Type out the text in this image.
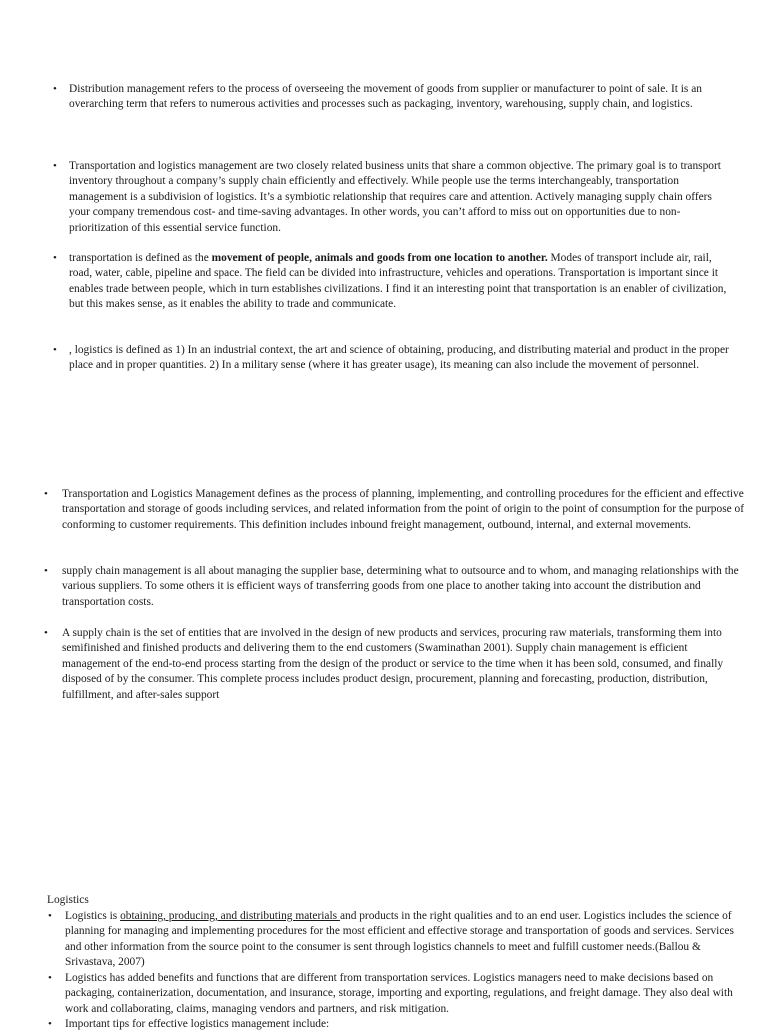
• Distribution management refers to the process of overseeing the movement of goods from supplier or manufacturer to point of sale. It is an overarching term that refers to numerous activities and processes such as packaging, inventory, warehousing, supply chain, and logistics.
• Transportation and logistics management are two closely related business units that share a common objective. The primary goal is to transport inventory throughout a company’s supply chain efficiently and effectively. While people use the terms interchangeably, transportation management is a subdivision of logistics. It’s a symbiotic relationship that requires care and attention. Actively managing supply chain offers your company tremendous cost- and time-saving advantages. In other words, you can’t afford to miss out on opportunities due to non-prioritization of this essential service function.
• transportation is defined as the movement of people, animals and goods from one location to another. Modes of transport include air, rail, road, water, cable, pipeline and space. The field can be divided into infrastructure, vehicles and operations. Transportation is important since it enables trade between people, which in turn establishes civilizations. I find it an interesting point that transportation is an enabler of civilization, but this makes sense, as it enables the ability to trade and communicate.
• , logistics is defined as 1) In an industrial context, the art and science of obtaining, producing, and distributing material and product in the proper place and in proper quantities. 2) In a military sense (where it has greater usage), its meaning can also include the movement of personnel.
• Transportation and Logistics Management defines as the process of planning, implementing, and controlling procedures for the efficient and effective transportation and storage of goods including services, and related information from the point of origin to the point of consumption for the purpose of conforming to customer requirements. This definition includes inbound freight management, outbound, internal, and external movements.
• supply chain management is all about managing the supplier base, determining what to outsource and to whom, and managing relationships with the various suppliers. To some others it is efficient ways of transferring goods from one place to another taking into account the distribution and transportation costs.
• A supply chain is the set of entities that are involved in the design of new products and services, procuring raw materials, transforming them into semifinished and finished products and delivering them to the end customers (Swaminathan 2001). Supply chain management is efficient management of the end-to-end process starting from the design of the product or service to the time when it has been sold, consumed, and finally disposed of by the consumer. This complete process includes product design, procurement, planning and forecasting, production, distribution, fulfillment, and after-sales support

Logistics

• Logistics is obtaining, producing, and distributing materials and products in the right qualities and to an end user. Logistics includes the science of planning for managing and implementing procedures for the most efficient and effective storage and transportation of goods and services. Services and other information from the source point to the consumer is sent through logistics channels to meet and fulfill customer needs.(Ballou & Srivastava, 2007)
• Logistics has added benefits and functions that are different from transportation services. Logistics managers need to make decisions based on packaging, containerization, documentation, and insurance, storage, importing and exporting, regulations, and freight damage. They also deal with work and collaborating, claims, managing vendors and partners, and risk mitigation.
• Important tips for effective logistics management include:
